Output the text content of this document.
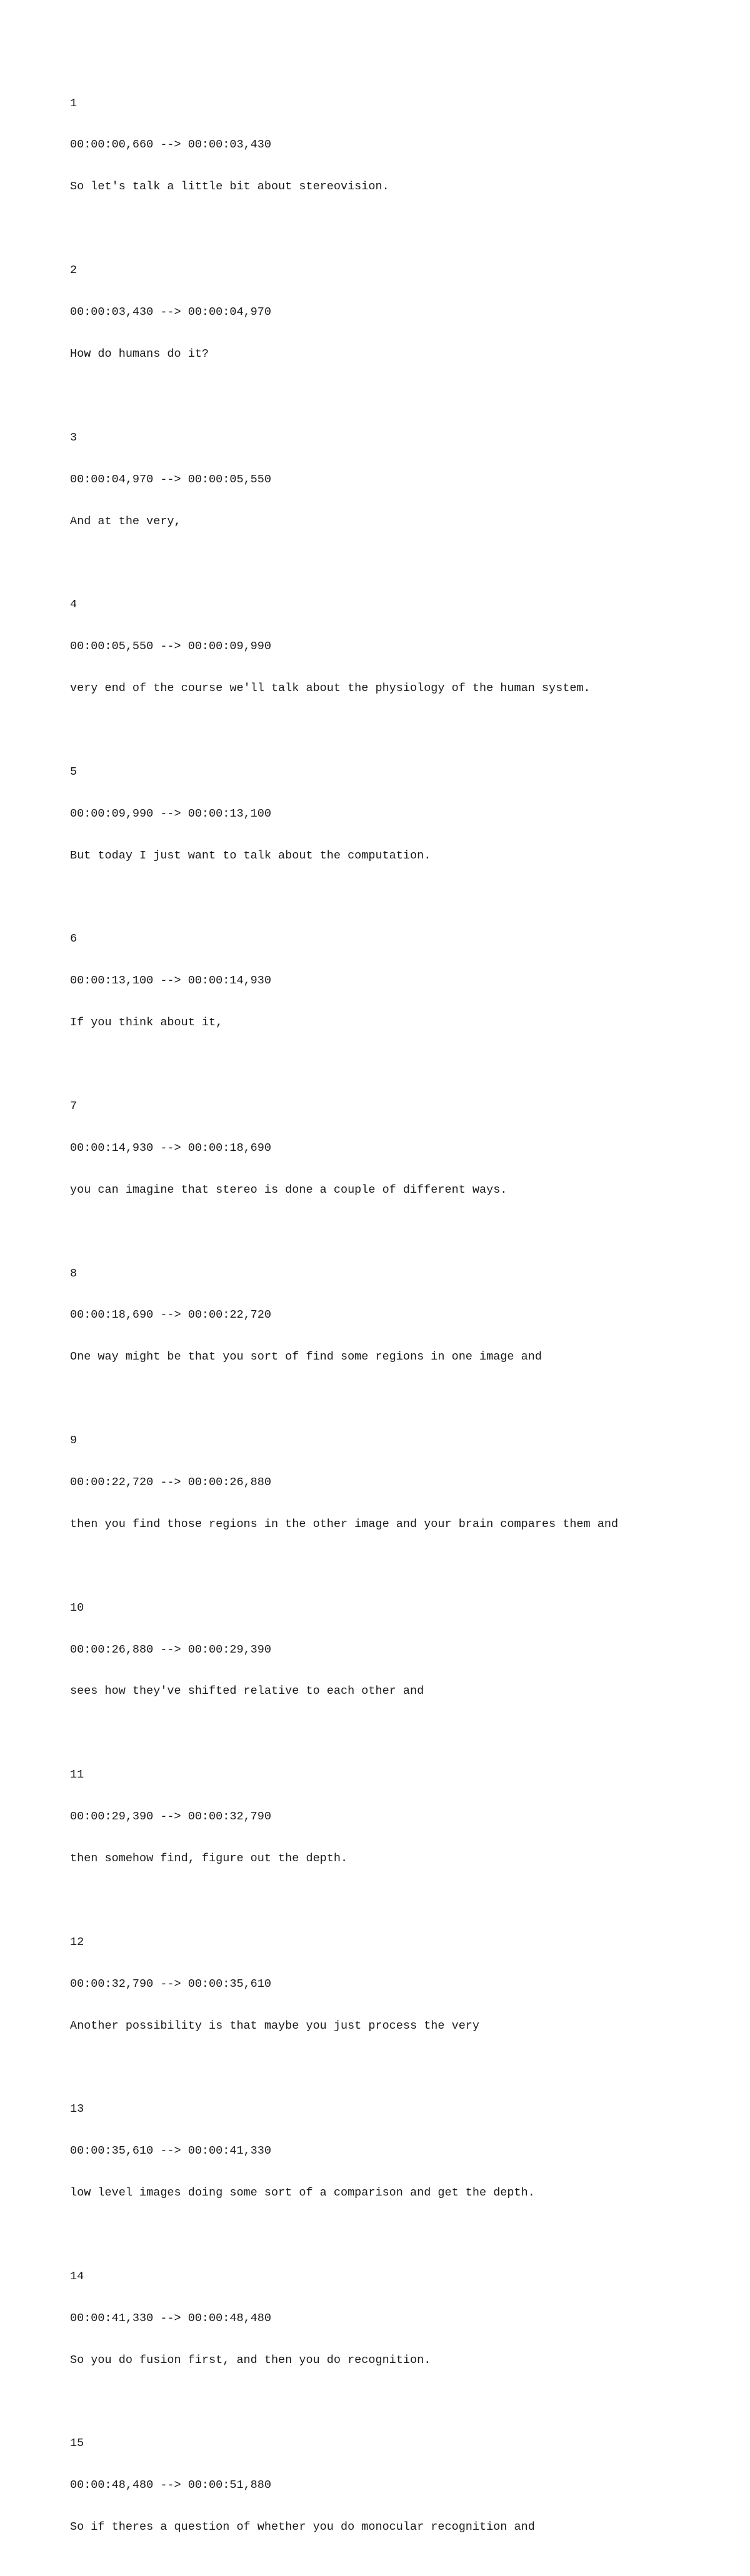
1

00:00:00,660 --> 00:00:03,430

So let's talk a little bit about stereovision.

2

00:00:03,430 --> 00:00:04,970

How do humans do it?

3

00:00:04,970 --> 00:00:05,550

And at the very,

4

00:00:05,550 --> 00:00:09,990

very end of the course we'll talk about the physiology of the human system.

5

00:00:09,990 --> 00:00:13,100

But today I just want to talk about the computation.

6

00:00:13,100 --> 00:00:14,930

If you think about it,

7

00:00:14,930 --> 00:00:18,690

you can imagine that stereo is done a couple of different ways.

8

00:00:18,690 --> 00:00:22,720

One way might be that you sort of find some regions in one image and

9

00:00:22,720 --> 00:00:26,880

then you find those regions in the other image and your brain compares them and

10

00:00:26,880 --> 00:00:29,390

sees how they've shifted relative to each other and

11

00:00:29,390 --> 00:00:32,790

then somehow find, figure out the depth.

12

00:00:32,790 --> 00:00:35,610

Another possibility is that maybe you just process the very

13

00:00:35,610 --> 00:00:41,330

low level images doing some sort of a comparison and get the depth.

14

00:00:41,330 --> 00:00:48,480

So you do fusion first, and then you do recognition.

15

00:00:48,480 --> 00:00:51,880

So if theres a question of whether you do monocular recognition and
